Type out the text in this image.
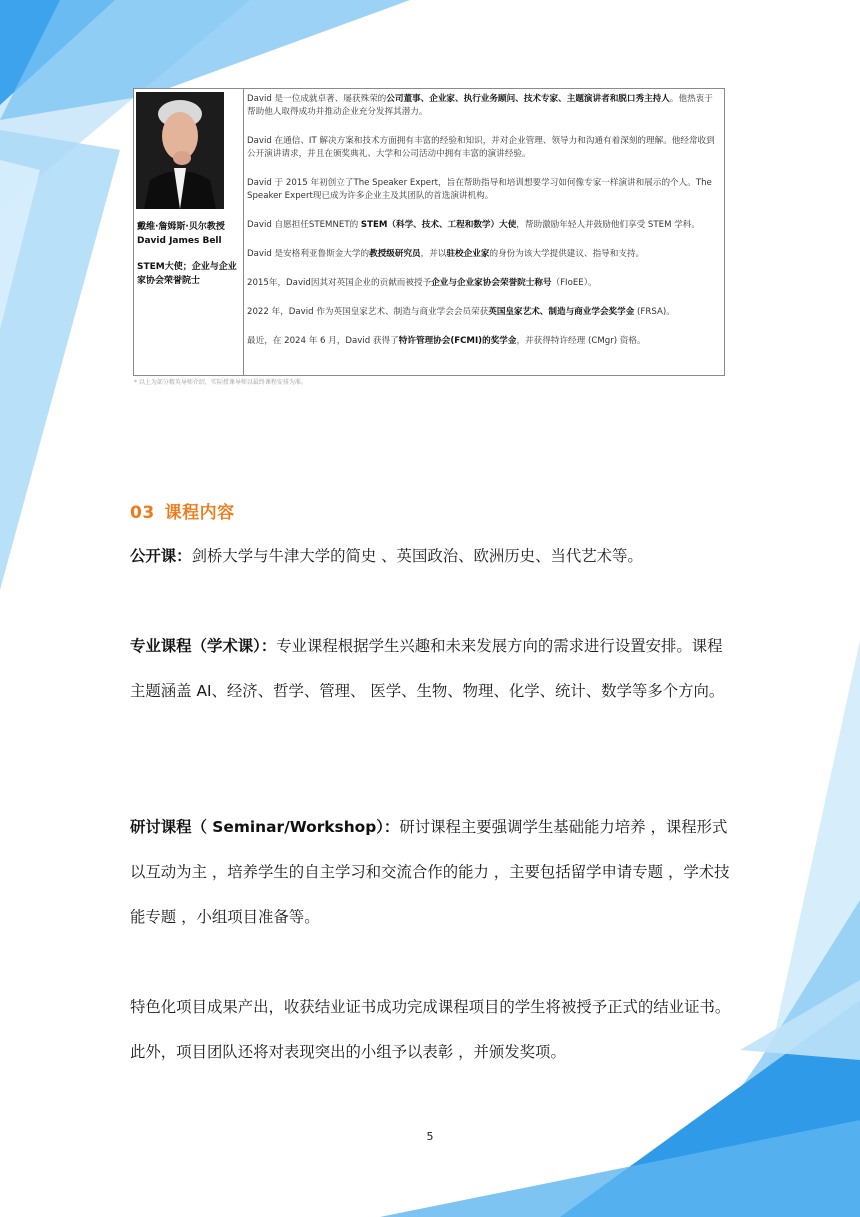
戴维·詹姆斯·贝尔教授
David James Bell
STEM大使；企业与企业家协会荣誉院士

David 是一位成就卓著、屡获殊荣的公司董事、企业家、执行业务顾问、技术专家、主题演讲者和脱口秀主持人。他热衷于帮助他人取得成功并推动企业充分发挥其潜力。

David 在通信、IT 解决方案和技术方面拥有丰富的经验和知识，并对企业管理、领导力和沟通有着深刻的理解。他经常收到公开演讲请求，并且在颁奖典礼、大学和公司活动中拥有丰富的演讲经验。

David 于 2015 年初创立了The Speaker Expert，旨在帮助指导和培训想要学习如何像专家一样演讲和展示的个人。The Speaker Expert现已成为许多企业主及其团队的首选演讲机构。

David 自愿担任STEMNET的 STEM（科学、技术、工程和数学）大使，帮助激励年轻人并鼓励他们享受 STEM 学科。

David 是安格利亚鲁斯金大学的教授级研究员，并以驻校企业家的身份为该大学提供建议、指导和支持。

2015年，David因其对英国企业的贡献而被授予企业与企业家协会荣誉院士称号（FIoEE）。

2022 年，David 作为英国皇家艺术、制造与商业学会会员荣获英国皇家艺术、制造与商业学会奖学金 (FRSA)。

最近，在 2024 年 6 月，David 获得了特许管理协会(FCMI)的奖学金，并获得特许经理 (CMgr) 资格。

* 以上为部分精英导师介绍，实际授课导师以最终课程安排为准。
03 课程内容
公开课：剑桥大学与牛津大学的简史 、英国政治、欧洲历史、当代艺术等。
专业课程（学术课）：专业课程根据学生兴趣和未来发展方向的需求进行设置安排。课程主题涵盖 AI、经济、哲学、管理、 医学、生物、物理、化学、统计、数学等多个方向。
研讨课程（ Seminar/Workshop）：研讨课程主要强调学生基础能力培养 ，课程形式以互动为主 ，培养学生的自主学习和交流合作的能力 ，主要包括留学申请专题 ，学术技能专题 ，小组项目准备等。
特色化项目成果产出，收获结业证书成功完成课程项目的学生将被授予正式的结业证书。此外，项目团队还将对表现突出的小组予以表彰 ，并颁发奖项。
5
